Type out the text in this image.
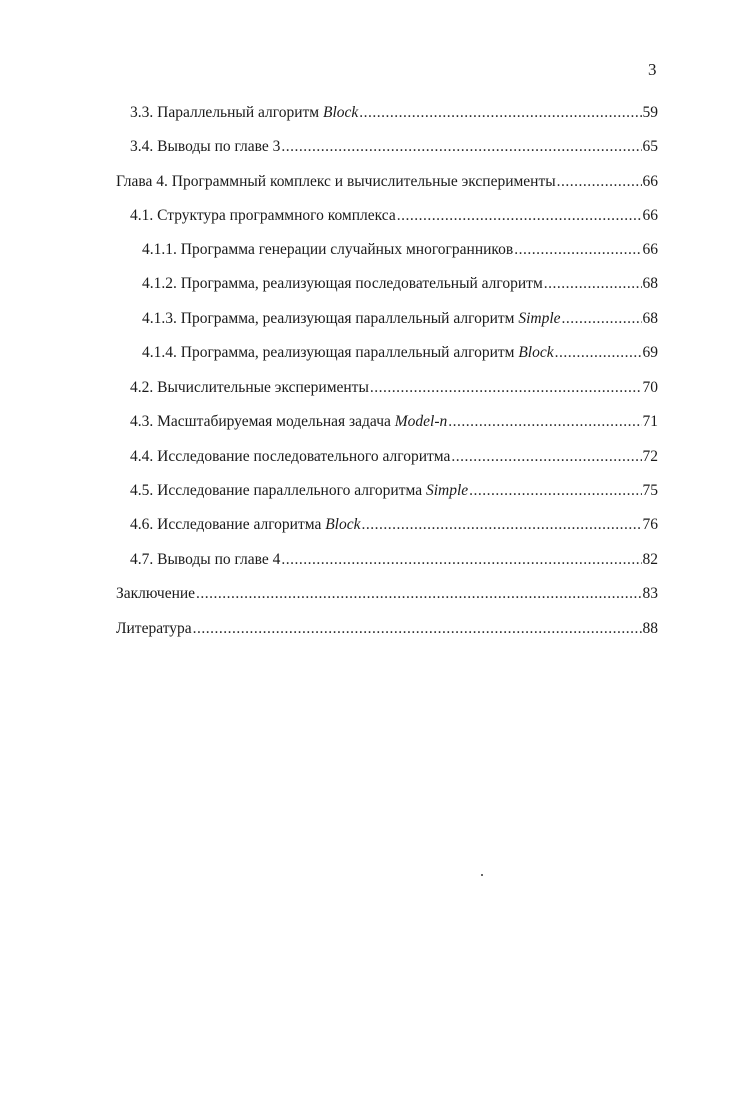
3
3.3. Параллельный алгоритм Block .....	59
3.4. Выводы по главе 3 .....	65
Глава 4. Программный комплекс и вычислительные эксперименты .....	66
4.1. Структура программного комплекса .....	66
4.1.1. Программа генерации случайных многогранников .....	66
4.1.2. Программа, реализующая последовательный алгоритм .....	68
4.1.3. Программа, реализующая параллельный алгоритм Simple .....	68
4.1.4. Программа, реализующая параллельный алгоритм Block .....	69
4.2. Вычислительные эксперименты .....	70
4.3. Масштабируемая модельная задача Model-n .....	71
4.4. Исследование последовательного алгоритма .....	72
4.5. Исследование параллельного алгоритма Simple .....	75
4.6. Исследование алгоритма Block .....	76
4.7. Выводы по главе 4 .....	82
Заключение .....	83
Литература .....	88
